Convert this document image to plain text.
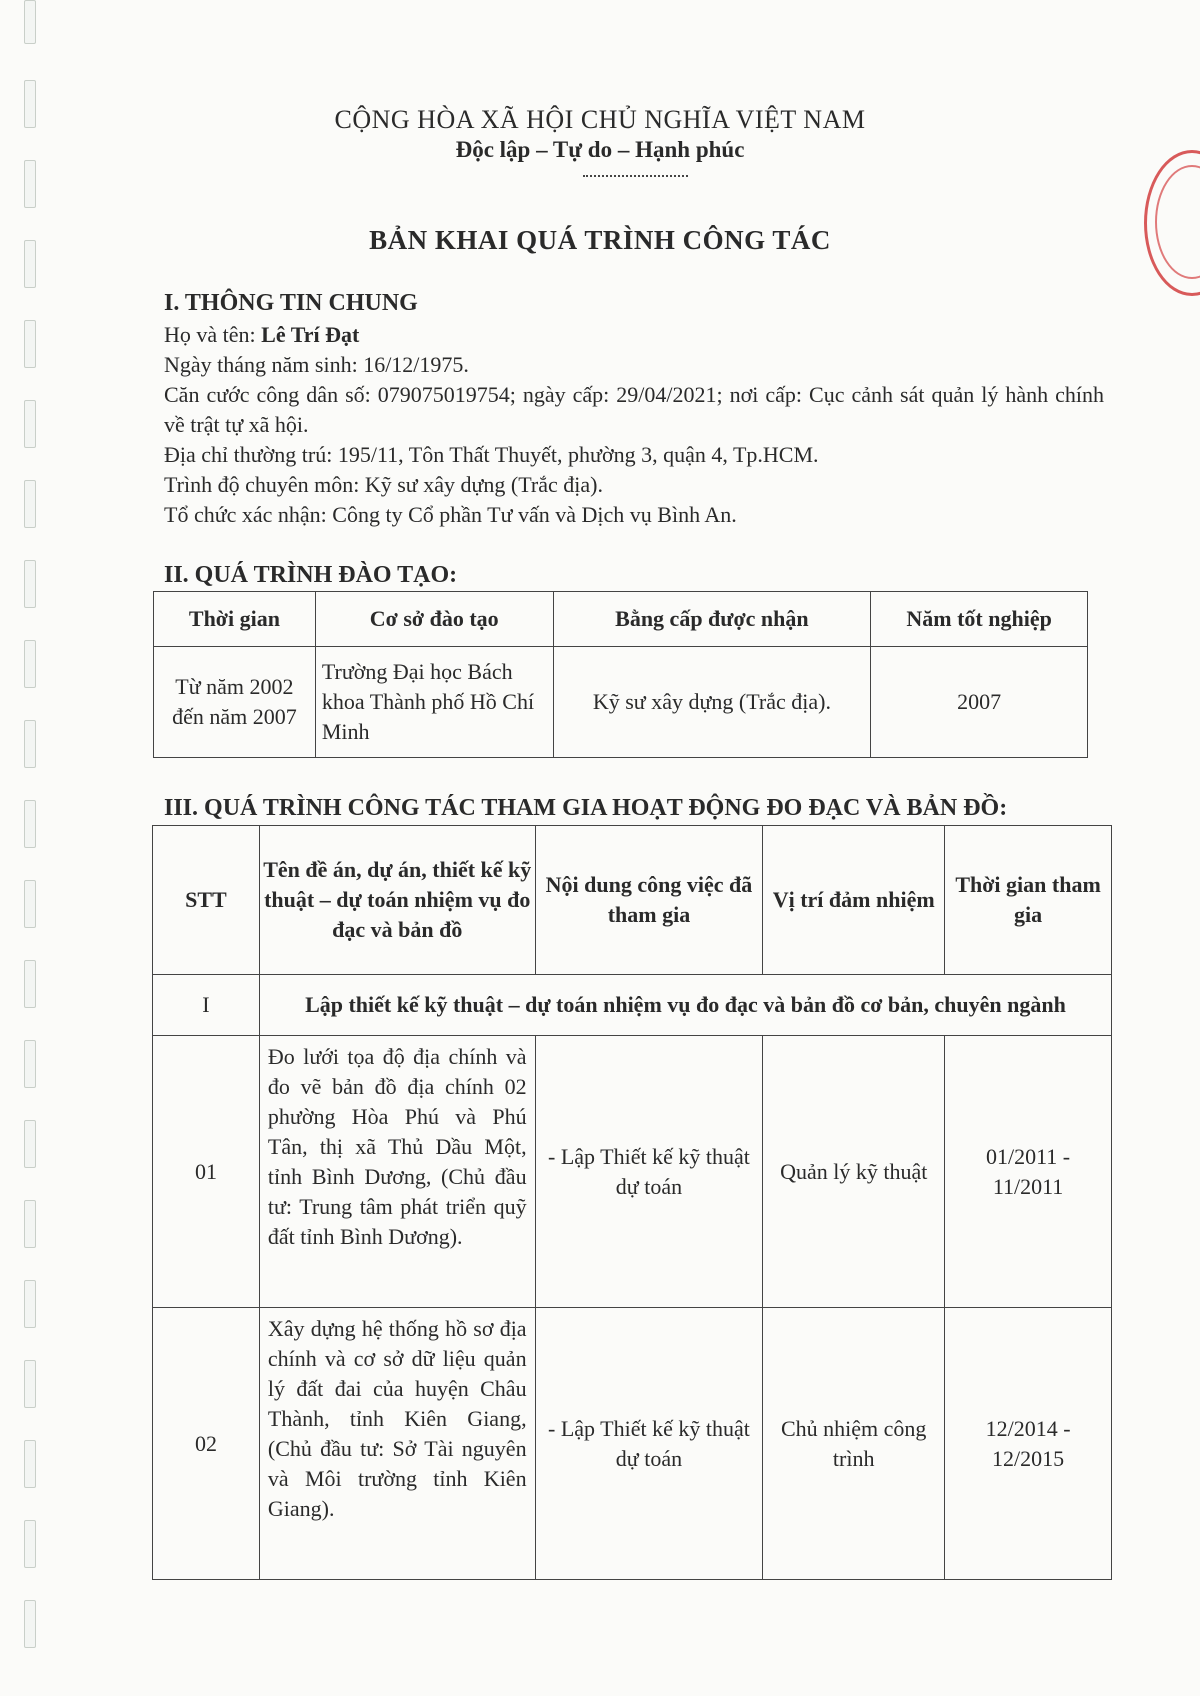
CỘNG HÒA XÃ HỘI CHỦ NGHĨA VIỆT NAM
Độc lập – Tự do – Hạnh phúc
BẢN KHAI QUÁ TRÌNH CÔNG TÁC
I. THÔNG TIN CHUNG

Họ và tên: Lê Trí Đạt

Ngày tháng năm sinh: 16/12/1975.

Căn cước công dân số: 079075019754; ngày cấp: 29/04/2021; nơi cấp: Cục cảnh sát quản lý hành chính về trật tự xã hội.

Địa chỉ thường trú: 195/11, Tôn Thất Thuyết, phường 3, quận 4, Tp.HCM.

Trình độ chuyên môn: Kỹ sư xây dựng (Trắc địa).

Tổ chức xác nhận: Công ty Cổ phần Tư vấn và Dịch vụ Bình An.

II. QUÁ TRÌNH ĐÀO TẠO:
Thời gian	Cơ sở đào tạo	Bằng cấp được nhận	Năm tốt nghiệp
Từ năm 2002 đến năm 2007	Trường Đại học Bách khoa Thành phố Hồ Chí Minh	Kỹ sư xây dựng (Trắc địa).	2007
III. QUÁ TRÌNH CÔNG TÁC THAM GIA HOẠT ĐỘNG ĐO ĐẠC VÀ BẢN ĐỒ:
STT	Tên đề án, dự án, thiết kế kỹ thuật – dự toán nhiệm vụ đo đạc và bản đồ	Nội dung công việc đã tham gia	Vị trí đảm nhiệm	Thời gian tham gia
I	Lập thiết kế kỹ thuật – dự toán nhiệm vụ đo đạc và bản đồ cơ bản, chuyên ngành			
01	Đo lưới tọa độ địa chính và đo vẽ bản đồ địa chính 02 phường Hòa Phú và Phú Tân, thị xã Thủ Dầu Một, tỉnh Bình Dương, (Chủ đầu tư: Trung tâm phát triển quỹ đất tỉnh Bình Dương).	- Lập Thiết kế kỹ thuật dự toán	Quản lý kỹ thuật	01/2011 - 11/2011
02	Xây dựng hệ thống hồ sơ địa chính và cơ sở dữ liệu quản lý đất đai của huyện Châu Thành, tỉnh Kiên Giang, (Chủ đầu tư: Sở Tài nguyên và Môi trường tỉnh Kiên Giang).	- Lập Thiết kế kỹ thuật dự toán	Chủ nhiệm công trình	12/2014 - 12/2015
